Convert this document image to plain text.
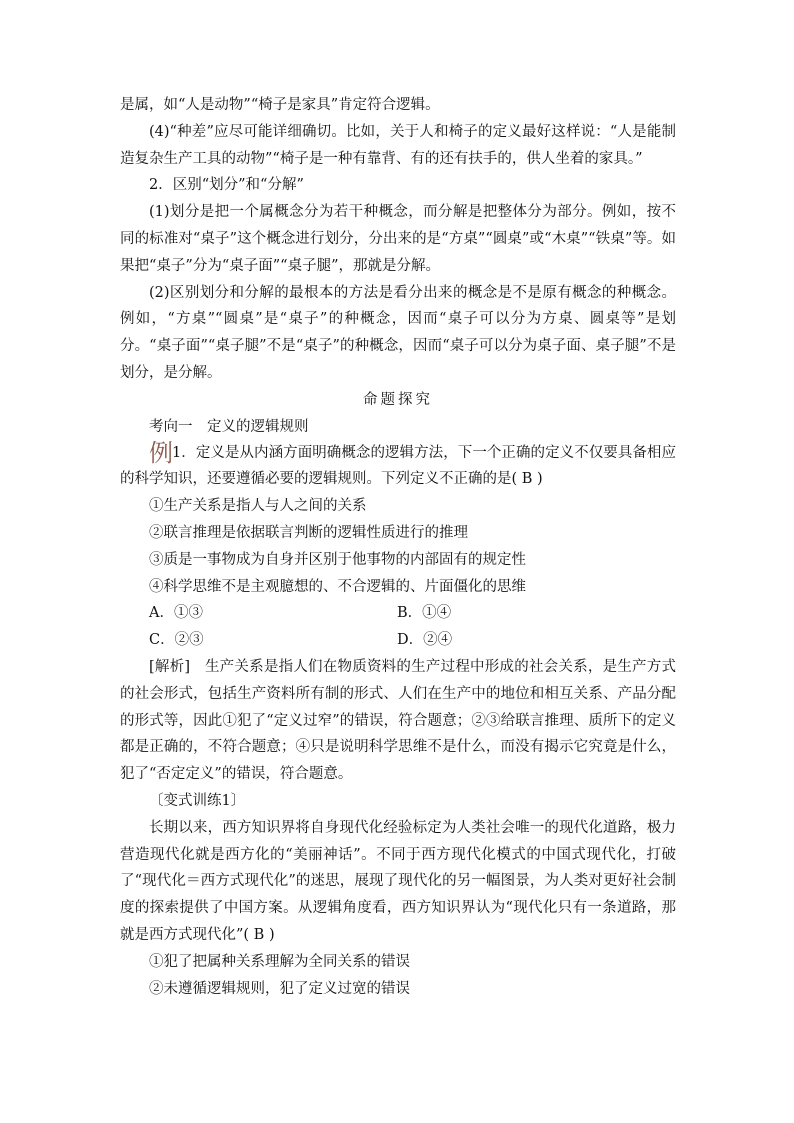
是属，如“人是动物”“椅子是家具”肯定符合逻辑。

(4)“种差”应尽可能详细确切。比如，关于人和椅子的定义最好这样说：“人是能制造复杂生产工具的动物”“椅子是一种有靠背、有的还有扶手的，供人坐着的家具。”

2．区别“划分”和“分解”

(1)划分是把一个属概念分为若干种概念，而分解是把整体分为部分。例如，按不同的标准对“桌子”这个概念进行划分，分出来的是“方桌”“圆桌”或“木桌”“铁桌”等。如果把“桌子”分为“桌子面”“桌子腿”，那就是分解。

(2)区别划分和分解的最根本的方法是看分出来的概念是不是原有概念的种概念。例如，“方桌”“圆桌”是“桌子”的种概念，因而“桌子可以分为方桌、圆桌等”是划分。“桌子面”“桌子腿”不是“桌子”的种概念，因而“桌子可以分为桌子面、桌子腿”不是划分，是分解。

命题探究

考向一　定义的逻辑规则

例 1．定义是从内涵方面明确概念的逻辑方法，下一个正确的定义不仅要具备相应的科学知识，还要遵循必要的逻辑规则。下列定义不正确的是( B )

①生产关系是指人与人之间的关系

②联言推理是依据联言判断的逻辑性质进行的推理

③质是一事物成为自身并区别于他事物的内部固有的规定性

④科学思维不是主观臆想的、不合逻辑的、片面僵化的思维

A．①③	B．①④
C．②③	D．②④

[解析]　生产关系是指人们在物质资料的生产过程中形成的社会关系，是生产方式的社会形式，包括生产资料所有制的形式、人们在生产中的地位和相互关系、产品分配的形式等，因此①犯了“定义过窄”的错误，符合题意；②③给联言推理、质所下的定义都是正确的，不符合题意；④只是说明科学思维不是什么，而没有揭示它究竟是什么，犯了“否定定义”的错误，符合题意。

〔变式训练1〕

长期以来，西方知识界将自身现代化经验标定为人类社会唯一的现代化道路，极力营造现代化就是西方化的“美丽神话”。不同于西方现代化模式的中国式现代化，打破了“现代化＝西方式现代化”的迷思，展现了现代化的另一幅图景，为人类对更好社会制度的探索提供了中国方案。从逻辑角度看，西方知识界认为“现代化只有一条道路，那就是西方式现代化”( B )

①犯了把属种关系理解为全同关系的错误

②未遵循逻辑规则，犯了定义过宽的错误
